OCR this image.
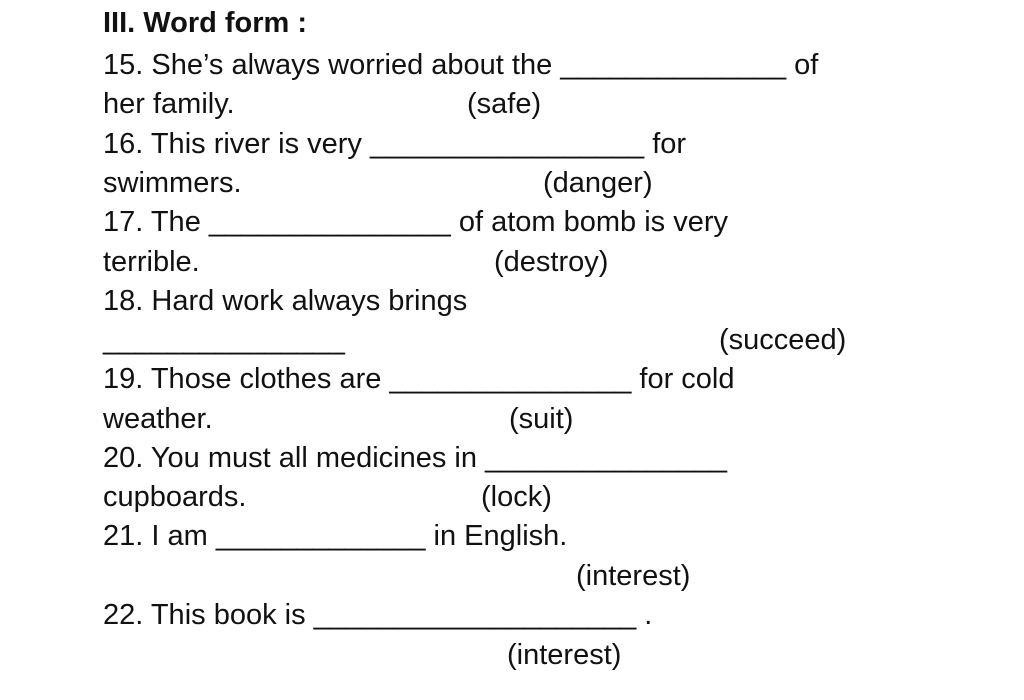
III. Word form :
15. She’s always worried about the ______________ of
her family.	(safe)
16. This river is very _________________ for
swimmers.	(danger)
17. The _______________ of atom bomb is very
terrible.	(destroy)
18. Hard work always brings
_______________	(succeed)
19. Those clothes are _______________ for cold
weather.	(suit)
20. You must all medicines in _______________
cupboards.	(lock)
21. I am _____________ in English.
(interest)
22. This book is ____________________ .
(interest)
